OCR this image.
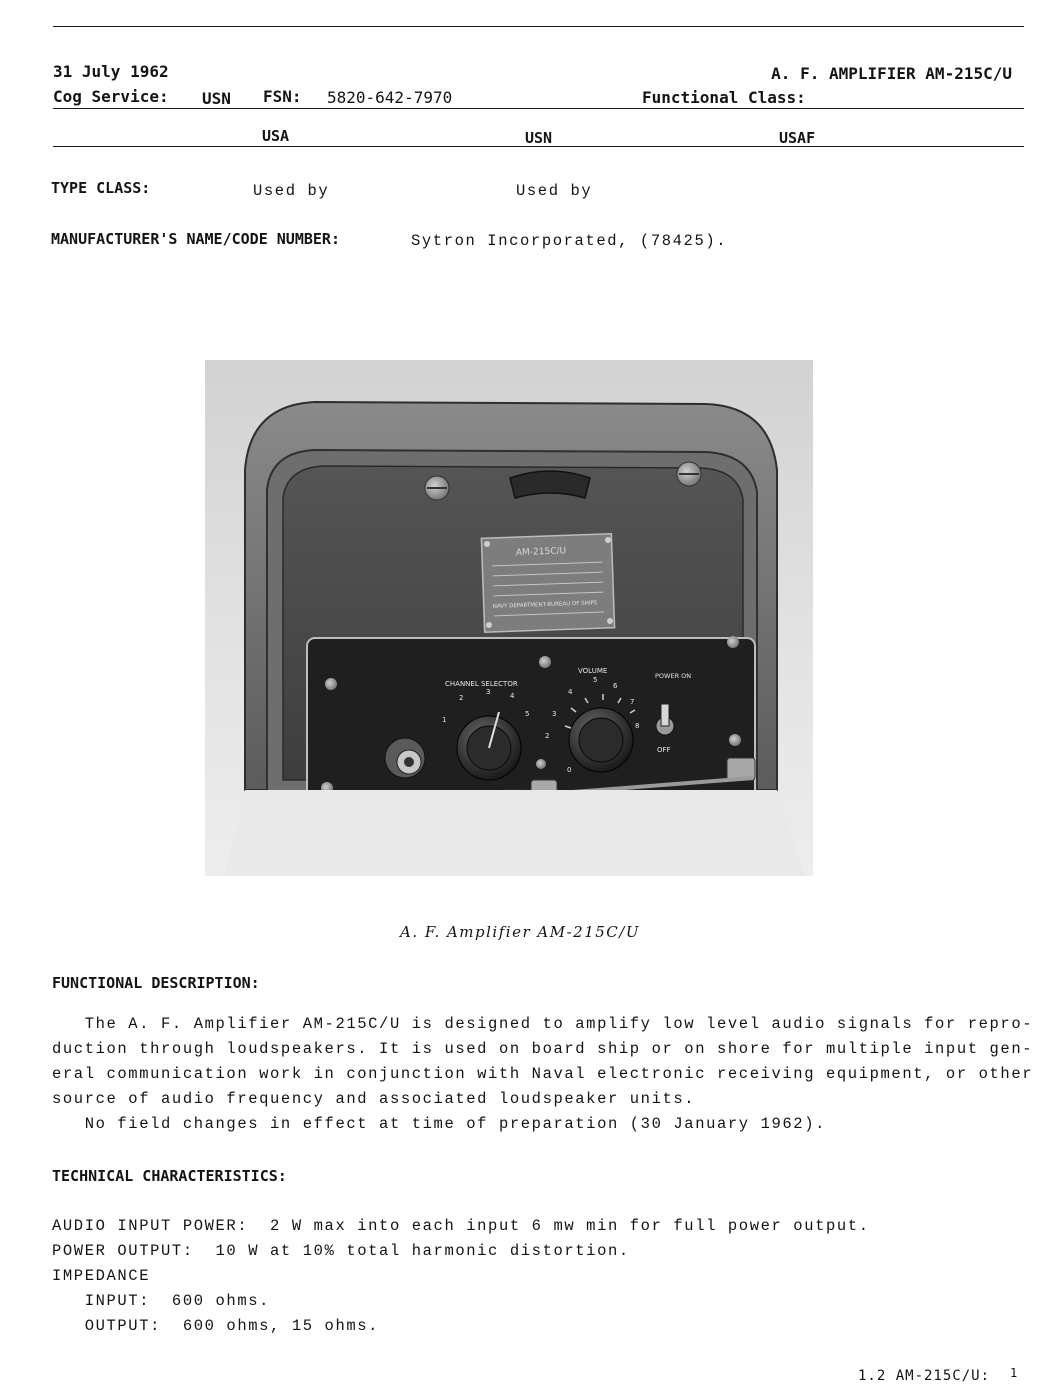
31 July 1962	A. F. AMPLIFIER AM-215C/U
Cog Service: USN FSN: 5820-642-7970	Functional Class:
USA	USN	USAF
TYPE CLASS:	Used by	Used by
MANUFACTURER'S NAME/CODE NUMBER:	Sytron Incorporated, (78425).
AM-215C/U
NAVY DEPARTMENT-BUREAU OF SHIPS
CHANNEL SELECTOR
VOLUME
POWER ON
OFF
1
2
3	4
5
2
3
4
5
6
7
8
0
A. F. Amplifier AM-215C/U
FUNCTIONAL DESCRIPTION:
The A. F. Amplifier AM-215C/U is designed to amplify low level audio signals for repro-
duction through loudspeakers. It is used on board ship or on shore for multiple input gen-
eral communication work in conjunction with Naval electronic receiving equipment, or other
source of audio frequency and associated loudspeaker units.
No field changes in effect at time of preparation (30 January 1962).
TECHNICAL CHARACTERISTICS:
AUDIO INPUT POWER:  2 W max into each input 6 mw min for full power output.
POWER OUTPUT:  10 W at 10% total harmonic distortion.
IMPEDANCE
INPUT:  600 ohms.
OUTPUT:  600 ohms, 15 ohms.
1.2 AM-215C/U: 1
